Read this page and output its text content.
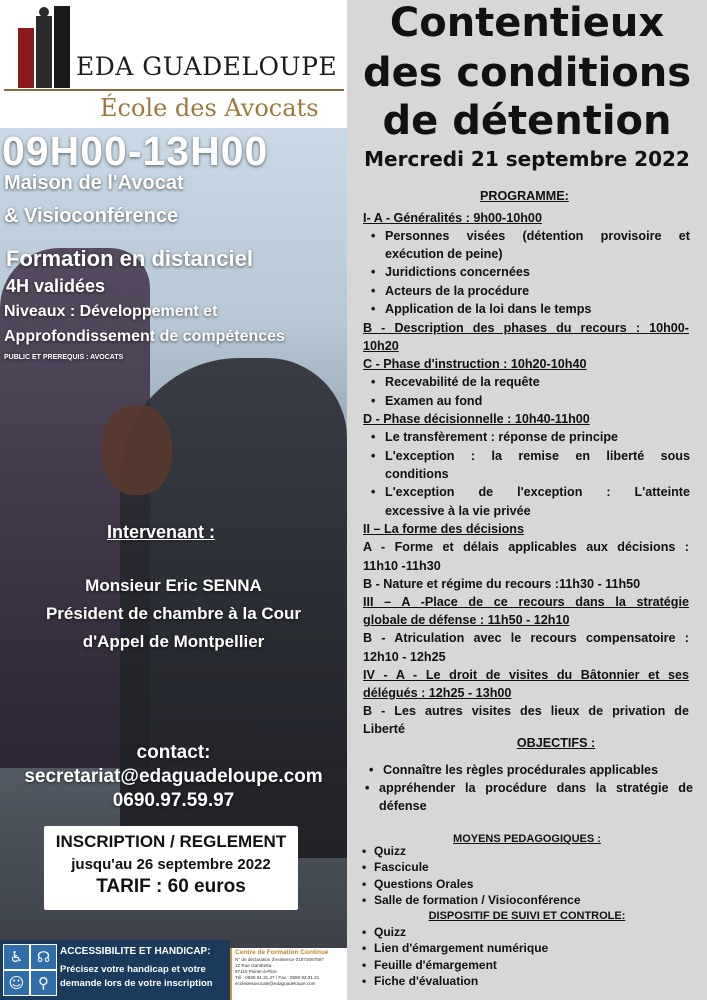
EDA GUADELOUPE
École des Avocats
09H00-13H00
Maison de l'Avocat
& Visioconférence
Formation en distanciel
4H validées
Niveaux : Développement et
Approfondissement de compétences
PUBLIC ET PREREQUIS : AVOCATS
Intervenant :
Monsieur Eric SENNA
Président de chambre à la Cour
d'Appel de Montpellier
contact:
secretariat@edaguadeloupe.com
0690.97.59.97
INSCRIPTION / REGLEMENT
jusqu'au 26 septembre 2022
TARIF : 60 euros
♿ ☊
☺ ⚲
ACCESSIBILITE ET HANDICAP:
Précisez votre handicap et votre
demande lors de votre inscription
Centre de Formation Continue
N° de déclaration d'existence 01973097597
12 Rue Gambetta
97110 Pointe-à-Pitre
Tél : 0590 91.31.27 / Fax : 0590 82.31.31
ecoledesavocats@edaguadeloupe.com
Contentieux
des conditions
de détention
Mercredi 21 septembre 2022
PROGRAMME:
I- A - Généralités : 9h00-10h00
• Personnes visées (détention provisoire et
exécution de peine)
• Juridictions concernées
• Acteurs de la procédure
• Application de la loi dans le temps
B - Description des phases du recours : 10h00-
10h20
C - Phase d'instruction : 10h20-10h40
• Recevabilité de la requête
• Examen au fond
D - Phase décisionnelle : 10h40-11h00
• Le transfèrement : réponse de principe
• L'exception : la remise en liberté sous
conditions
• L'exception de l'exception : L'atteinte
excessive à la vie privée
II – La forme des décisions
A - Forme et délais applicables aux décisions :
11h10 -11h30
B - Nature et régime du recours :11h30 - 11h50
III – A -Place de ce recours dans la stratégie
globale de défense : 11h50 - 12h10
B - Atriculation avec le recours compensatoire :
12h10 - 12h25
IV - A - Le droit de visites du Bâtonnier et ses
délégués : 12h25 - 13h00
B - Les autres visites des lieux de privation de
Liberté
OBJECTIFS :
• Connaître les règles procédurales applicables
• appréhender la procédure dans la stratégie de
défense
MOYENS PEDAGOGIQUES :
• Quizz
• Fascicule
• Questions Orales
• Salle de formation / Visioconférence
DISPOSITIF DE SUIVI ET CONTROLE:
• Quizz
• Lien d'émargement numérique
• Feuille d'émargement
• Fiche d'évaluation
